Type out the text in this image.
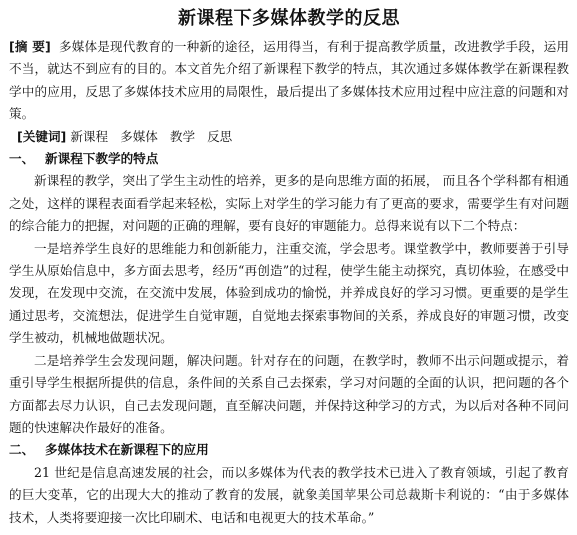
新课程下多媒体教学的反思

[摘 要] 多媒体是现代教育的一种新的途径，运用得当，有利于提高教学质量，改进教学手段，运用不当，就达不到应有的目的。本文首先介绍了新课程下教学的特点，其次通过多媒体教学在新课程教学中的应用，反思了多媒体技术应用的局限性，最后提出了多媒体技术应用过程中应注意的问题和对策。

[关键词] 新课程 多媒体 教学 反思

一、 新课程下教学的特点

新课程的教学，突出了学生主动性的培养，更多的是向思维方面的拓展， 而且各个学科都有相通之处，这样的课程表面看学起来轻松，实际上对学生的学习能力有了更高的要求，需要学生有对问题的综合能力的把握，对问题的正确的理解，要有良好的审题能力。总得来说有以下二个特点：

一是培养学生良好的思维能力和创新能力，注重交流，学会思考。课堂教学中，教师要善于引导学生从原始信息中，多方面去思考，经历“再创造”的过程，使学生能主动探究，真切体验，在感受中发现，在发现中交流，在交流中发展，体验到成功的愉悦，并养成良好的学习习惯。更重要的是学生通过思考，交流想法，促进学生自觉审题，自觉地去探索事物间的关系，养成良好的审题习惯，改变学生被动，机械地做题状况。

二是培养学生会发现问题，解决问题。针对存在的问题，在教学时，教师不出示问题或提示，着重引导学生根据所提供的信息，条件间的关系自己去探索，学习对问题的全面的认识，把问题的各个方面都去尽力认识，自己去发现问题，直至解决问题，并保持这种学习的方式，为以后对各种不同问题的快速解决作最好的准备。

二、 多媒体技术在新课程下的应用

21 世纪是信息高速发展的社会，而以多媒体为代表的教学技术已进入了教育领域，引起了教育的巨大变革，它的出现大大的推动了教育的发展，就象美国苹果公司总裁斯卡利说的：“由于多媒体技术，人类将要迎接一次比印刷术、电话和电视更大的技术革命。”
